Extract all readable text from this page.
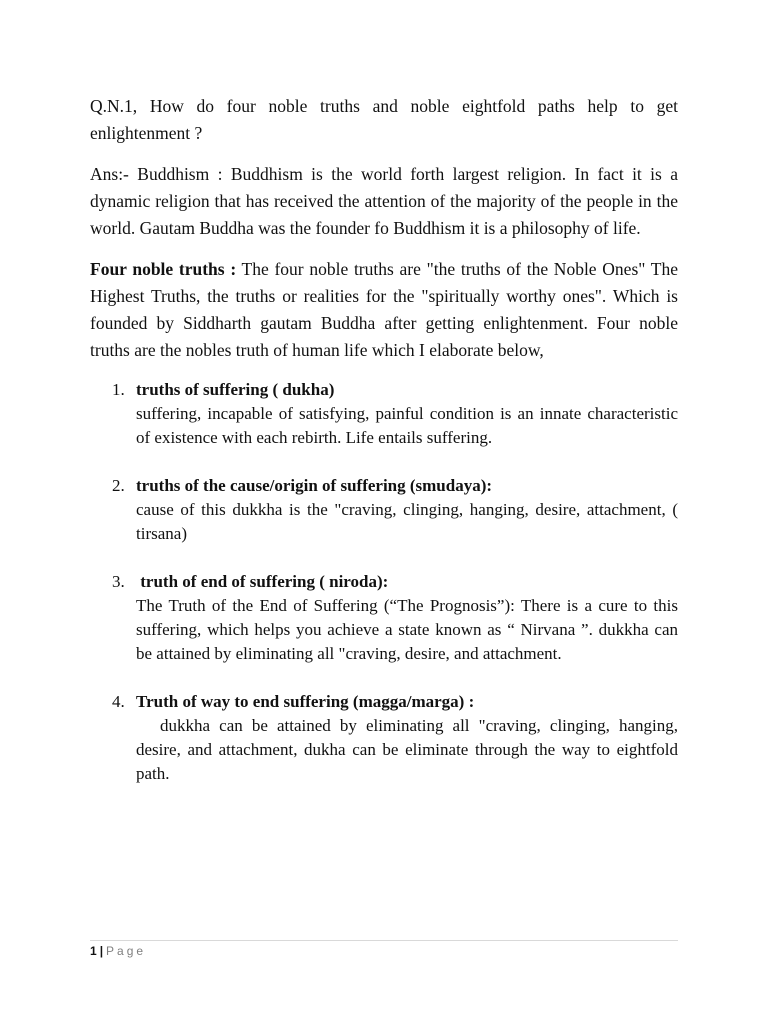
Q.N.1, How do four noble truths and noble eightfold paths help to get enlightenment ?

Ans:- Buddhism : Buddhism is the world forth largest religion. In fact it is a dynamic religion that has received the attention of the majority of the people in the world. Gautam Buddha was the founder fo Buddhism it is a philosophy of life.

Four noble truths : The four noble truths are "the truths of the Noble Ones" The Highest Truths, the truths or realities for the "spiritually worthy ones". Which is founded by Siddharth gautam Buddha after getting enlightenment. Four noble truths are the nobles truth of human life which I elaborate below,

1. truths of suffering ( dukha)
suffering, incapable of satisfying, painful condition is an innate characteristic of existence with each rebirth. Life entails suffering.
2. truths of the cause/origin of suffering (smudaya):
cause of this dukkha is the "craving, clinging, hanging, desire, attachment, ( tirsana)
3. truth of end of suffering ( niroda):
The Truth of the End of Suffering (“The Prognosis”): There is a cure to this suffering, which helps you achieve a state known as “ Nirvana ”. dukkha can be attained by eliminating all "craving, desire, and attachment.
4. Truth of way to end suffering (magga/marga) :
dukkha can be attained by eliminating all "craving, clinging, hanging, desire, and attachment, dukha can be eliminate through the way to eightfold path.
1 | Page
